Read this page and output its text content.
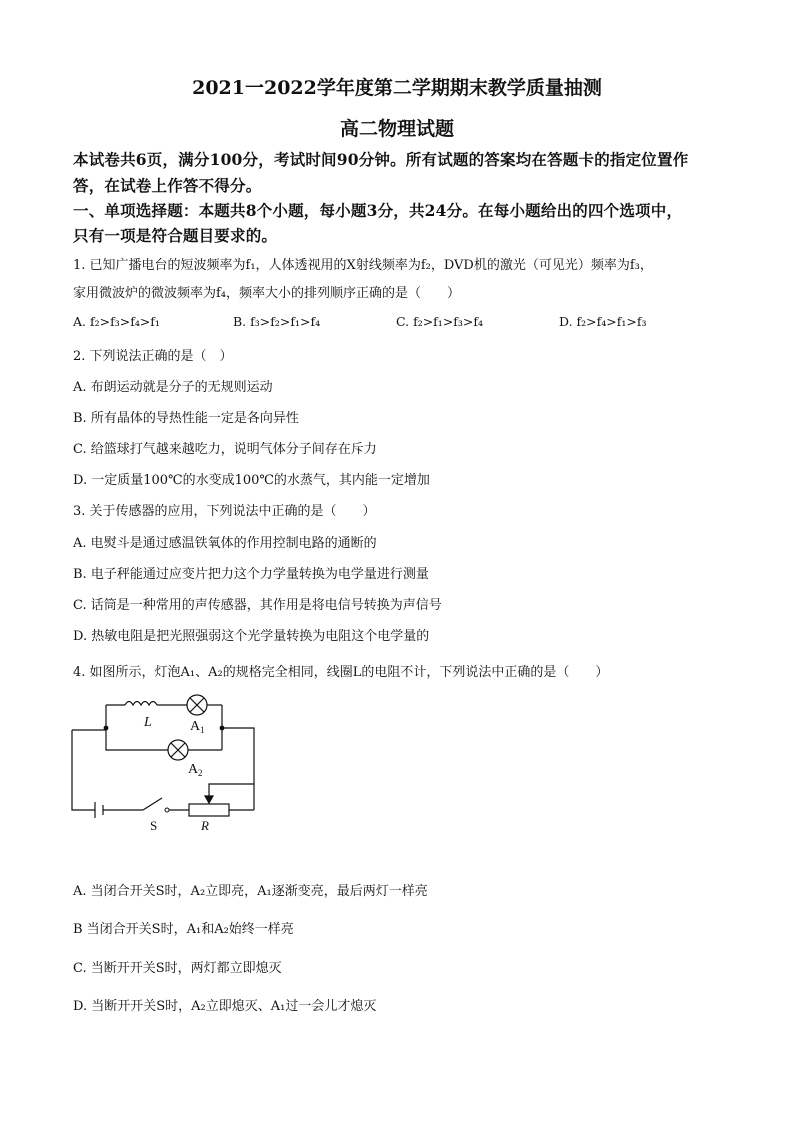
2021一2022学年度第二学期期末教学质量抽测
高二物理试题
本试卷共6页，满分100分，考试时间90分钟。所有试题的答案均在答题卡的指定位置作
答，在试卷上作答不得分。
一、单项选择题：本题共8个小题，每小题3分，共24分。在每小题给出的四个选项中，
只有一项是符合题目要求的。
1. 已知广播电台的短波频率为f₁，人体透视用的X射线频率为f₂，DVD机的激光（可见光）频率为f₃，
家用微波炉的微波频率为f₄，频率大小的排列顺序正确的是（　　）
A. f₂>f₃>f₄>f₁	B. f₃>f₂>f₁>f₄	C. f₂>f₁>f₃>f₄	D. f₂>f₄>f₁>f₃
2. 下列说法正确的是（　）
A. 布朗运动就是分子的无规则运动
B. 所有晶体的导热性能一定是各向异性
C. 给篮球打气越来越吃力，说明气体分子间存在斥力
D. 一定质量100℃的水变成100℃的水蒸气，其内能一定增加
3. 关于传感器的应用，下列说法中正确的是（　　）
A. 电熨斗是通过感温铁氧体的作用控制电路的通断的
B. 电子秤能通过应变片把力这个力学量转换为电学量进行测量
C. 话筒是一种常用的声传感器，其作用是将电信号转换为声信号
D. 热敏电阻是把光照强弱这个光学量转换为电阻这个电学量的
4. 如图所示，灯泡A₁、A₂的规格完全相同，线圈L的电阻不计，下列说法中正确的是（　　）
L	A 1
A 2
S	R
A. 当闭合开关S时，A₂立即亮，A₁逐渐变亮，最后两灯一样亮
B 当闭合开关S时，A₁和A₂始终一样亮
C. 当断开开关S时，两灯都立即熄灭
D. 当断开开关S时，A₂立即熄灭、A₁过一会儿才熄灭
